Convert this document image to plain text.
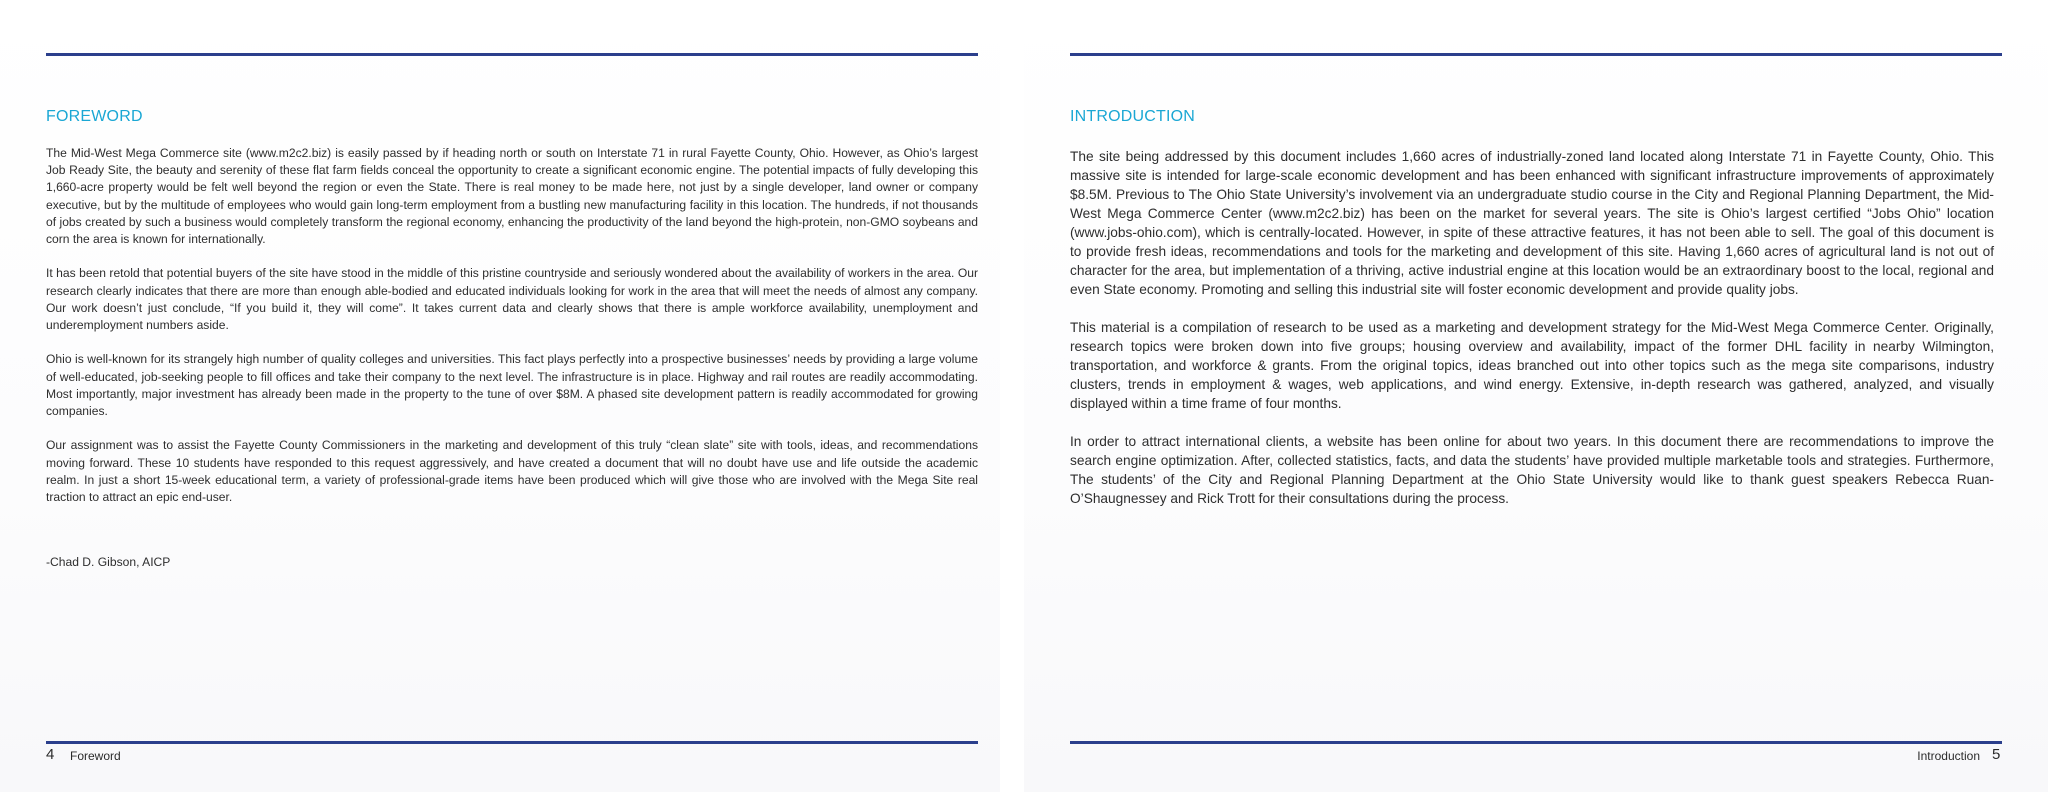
FOREWORD

The Mid-West Mega Commerce site (www.m2c2.biz) is easily passed by if heading north or south on Interstate 71 in rural Fayette County, Ohio. However, as Ohio’s largest Job Ready Site, the beauty and serenity of these flat farm fields conceal the opportunity to create a significant economic engine. The potential impacts of fully developing this 1,660-acre property would be felt well beyond the region or even the State. There is real money to be made here, not just by a single developer, land owner or company executive, but by the multitude of employees who would gain long-term employment from a bustling new manufacturing facility in this location. The hundreds, if not thousands of jobs created by such a business would completely transform the regional economy, enhancing the productivity of the land beyond the high-protein, non-GMO soybeans and corn the area is known for internationally.

It has been retold that potential buyers of the site have stood in the middle of this pristine countryside and seriously wondered about the availability of workers in the area. Our research clearly indicates that there are more than enough able-bodied and educated individuals looking for work in the area that will meet the needs of almost any company. Our work doesn’t just conclude, “If you build it, they will come”. It takes current data and clearly shows that there is ample workforce availability, unemployment and underemployment numbers aside.

Ohio is well-known for its strangely high number of quality colleges and universities. This fact plays perfectly into a prospective businesses’ needs by providing a large volume of well-educated, job-seeking people to fill offices and take their company to the next level. The infrastructure is in place. Highway and rail routes are readily accommodating. Most importantly, major investment has already been made in the property to the tune of over $8M. A phased site development pattern is readily accommodated for growing companies.

Our assignment was to assist the Fayette County Commissioners in the marketing and development of this truly “clean slate” site with tools, ideas, and recommendations moving forward. These 10 students have responded to this request aggressively, and have created a document that will no doubt have use and life outside the academic realm. In just a short 15-week educational term, a variety of professional-grade items have been produced which will give those who are involved with the Mega Site real traction to attract an epic end-user.

-Chad D. Gibson, AICP
4 Foreword
INTRODUCTION

The site being addressed by this document includes 1,660 acres of industrially-zoned land located along Interstate 71 in Fayette County, Ohio. This massive site is intended for large-scale economic development and has been enhanced with significant infrastructure improvements of approximately $8.5M. Previous to The Ohio State University’s involvement via an undergraduate studio course in the City and Regional Planning Department, the Mid-West Mega Commerce Center (www.m2c2.biz) has been on the market for several years. The site is Ohio’s largest certified “Jobs Ohio” location (www.jobs-ohio.com), which is centrally-located. However, in spite of these attractive features, it has not been able to sell. The goal of this document is to provide fresh ideas, recommendations and tools for the marketing and development of this site. Having 1,660 acres of agricultural land is not out of character for the area, but implementation of a thriving, active industrial engine at this location would be an extraordinary boost to the local, regional and even State economy. Promoting and selling this industrial site will foster economic development and provide quality jobs.

This material is a compilation of research to be used as a marketing and development strategy for the Mid-West Mega Commerce Center. Originally, research topics were broken down into five groups; housing overview and availability, impact of the former DHL facility in nearby Wilmington, transportation, and workforce & grants. From the original topics, ideas branched out into other topics such as the mega site comparisons, industry clusters, trends in employment & wages, web applications, and wind energy. Extensive, in-depth research was gathered, analyzed, and visually displayed within a time frame of four months.

In order to attract international clients, a website has been online for about two years. In this document there are recommendations to improve the search engine optimization. After, collected statistics, facts, and data the students’ have provided multiple marketable tools and strategies. Furthermore, The students’ of the City and Regional Planning Department at the Ohio State University would like to thank guest speakers Rebecca Ruan-O’Shaugnessey and Rick Trott for their consultations during the process.

Introduction 5
